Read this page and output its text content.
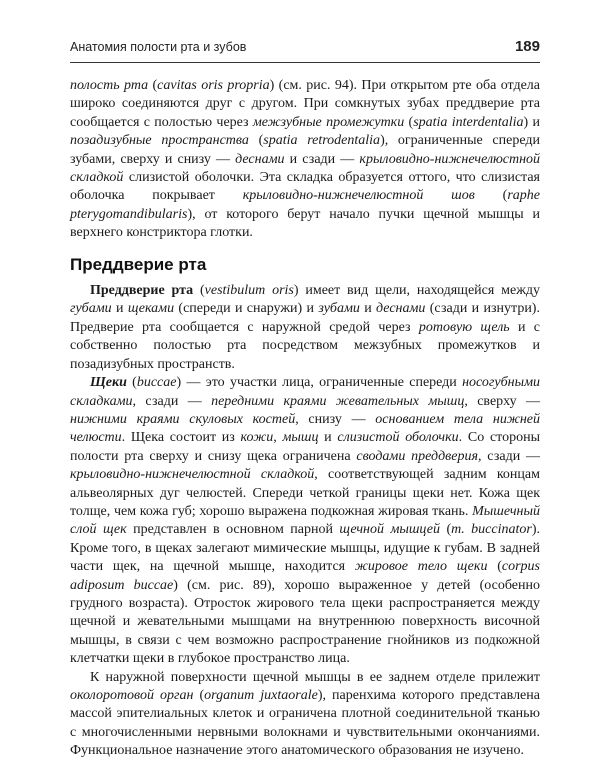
Анатомия полости рта и зубов	189

полость рта (cavitas oris propria) (см. рис. 94). При открытом рте оба отдела широко соединяются друг с другом. При сомкнутых зубах преддверие рта сообщается с полостью через межзубные промежутки (spatia interdentalia) и позадизубные пространства (spatia retrodentalia), ограниченные спереди зубами, сверху и снизу — деснами и сзади — крыловидно-нижнечелюстной складкой слизистой оболочки. Эта складка образуется оттого, что слизистая оболочка покрывает крыловидно-нижнечелюстной шов (raphe pterygomandibularis), от которого берут начало пучки щечной мышцы и верхнего констриктора глотки.

Преддверие рта

Преддверие рта (vestibulum oris) имеет вид щели, находящейся между губами и щеками (спереди и снаружи) и зубами и деснами (сзади и изнутри). Предверие рта сообщается с наружной средой через ротовую щель и с собственно полостью рта посредством межзубных промежутков и позадизубных пространств.

Щеки (buccae) — это участки лица, ограниченные спереди носогубными складками, сзади — передними краями жевательных мышц, сверху — нижними краями скуловых костей, снизу — основанием тела нижней челюсти. Щека состоит из кожи, мышц и слизистой оболочки. Со стороны полости рта сверху и снизу щека ограничена сводами преддверия, сзади — крыловидно-нижнечелюстной складкой, соответствующей задним концам альвеолярных дуг челюстей. Спереди четкой границы щеки нет. Кожа щек толще, чем кожа губ; хорошо выражена подкожная жировая ткань. Мышечный слой щек представлен в основном парной щечной мышцей (m. buccinator). Кроме того, в щеках залегают мимические мышцы, идущие к губам. В задней части щек, на щечной мышце, находится жировое тело щеки (corpus adiposum buccae) (см. рис. 89), хорошо выраженное у детей (особенно грудного возраста). Отросток жирового тела щеки распространяется между щечной и жевательными мышцами на внутреннюю поверхность височной мышцы, в связи с чем возможно распространение гнойников из подкожной клетчатки щеки в глубокое пространство лица.

К наружной поверхности щечной мышцы в ее заднем отделе прилежит околоротовой орган (organum juxtaorale), паренхима которого представлена массой эпителиальных клеток и ограничена плотной соединительной тканью с многочисленными нервными волокнами и чувствительными окончаниями. Функциональное назначение этого анатомического образования не изучено.
